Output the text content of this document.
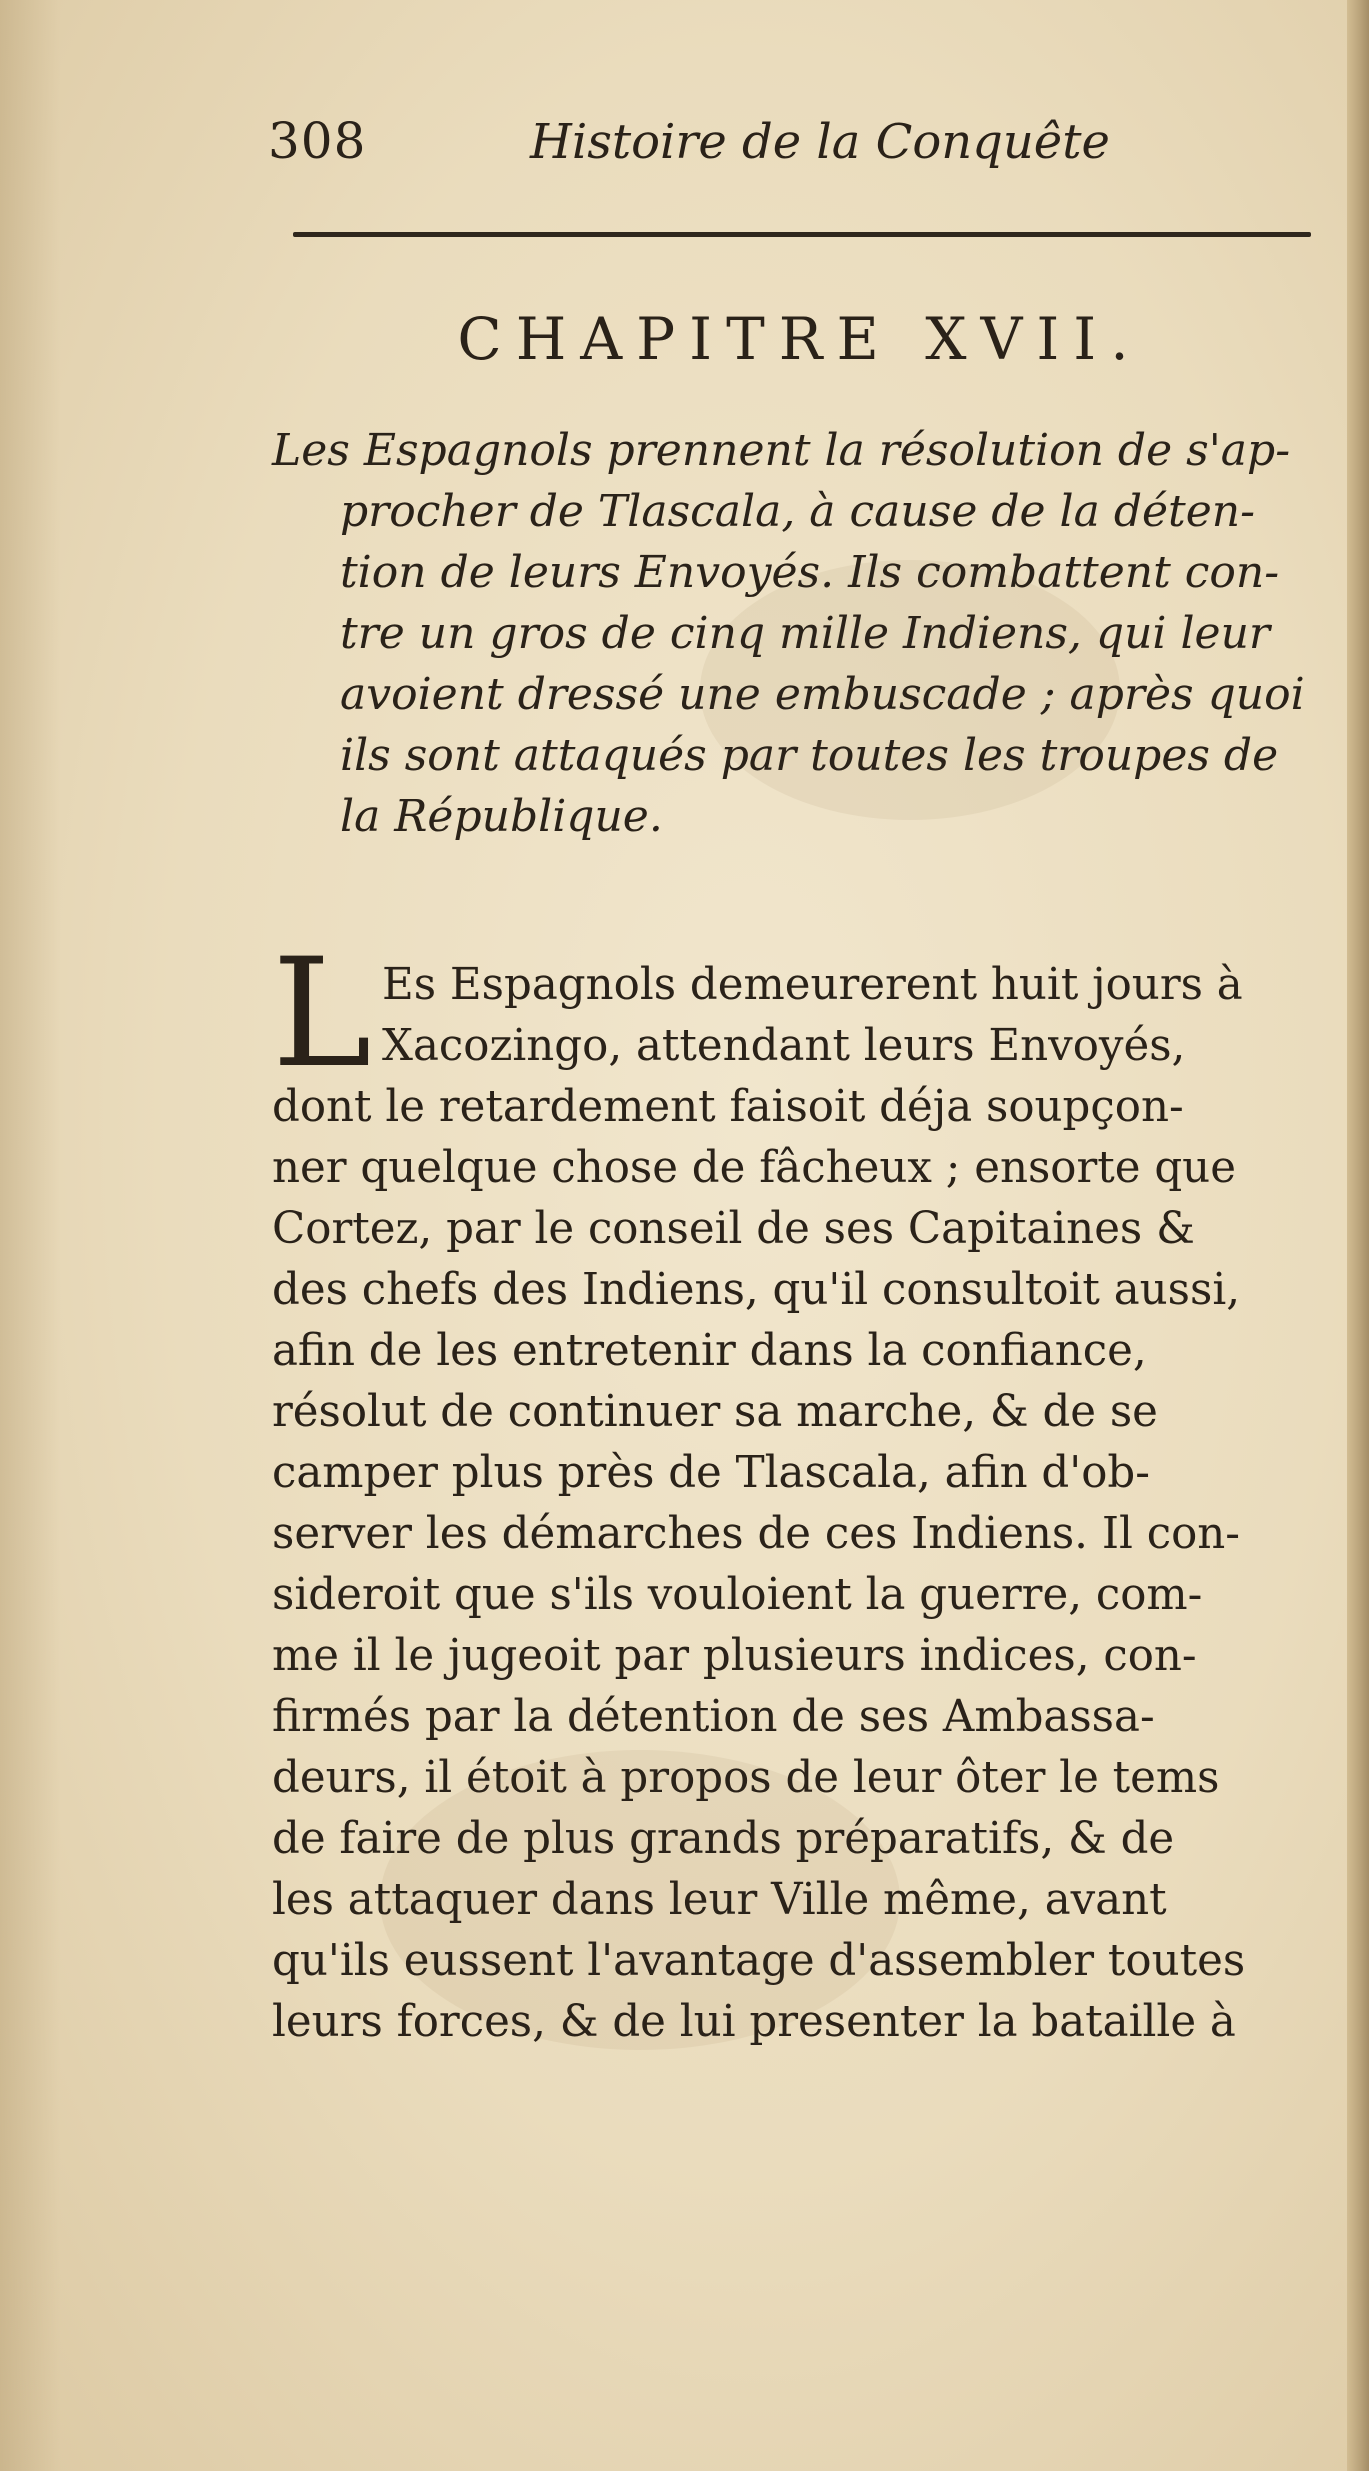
308	Histoire de la Conquête
CHAPITRE XVII.
Les Espagnols prennent la résolution de s'ap-
procher de Tlascala, à cause de la déten-
tion de leurs Envoyés. Ils combattent con-
tre un gros de cinq mille Indiens, qui leur
avoient dressé une embuscade ; après quoi
ils sont attaqués par toutes les troupes de
la République.
L Es Espagnols demeurerent huit jours à
Xacozingo, attendant leurs Envoyés,
dont le retardement faisoit déja soupçon-
ner quelque chose de fâcheux ; ensorte que
Cortez, par le conseil de ses Capitaines &
des chefs des Indiens, qu'il consultoit aussi,
afin de les entretenir dans la confiance,
résolut de continuer sa marche, & de se
camper plus près de Tlascala, afin d'ob-
server les démarches de ces Indiens. Il con-
sideroit que s'ils vouloient la guerre, com-
me il le jugeoit par plusieurs indices, con-
firmés par la détention de ses Ambassa-
deurs, il étoit à propos de leur ôter le tems
de faire de plus grands préparatifs, & de
les attaquer dans leur Ville même, avant
qu'ils eussent l'avantage d'assembler toutes
leurs forces, & de lui presenter la bataille à
